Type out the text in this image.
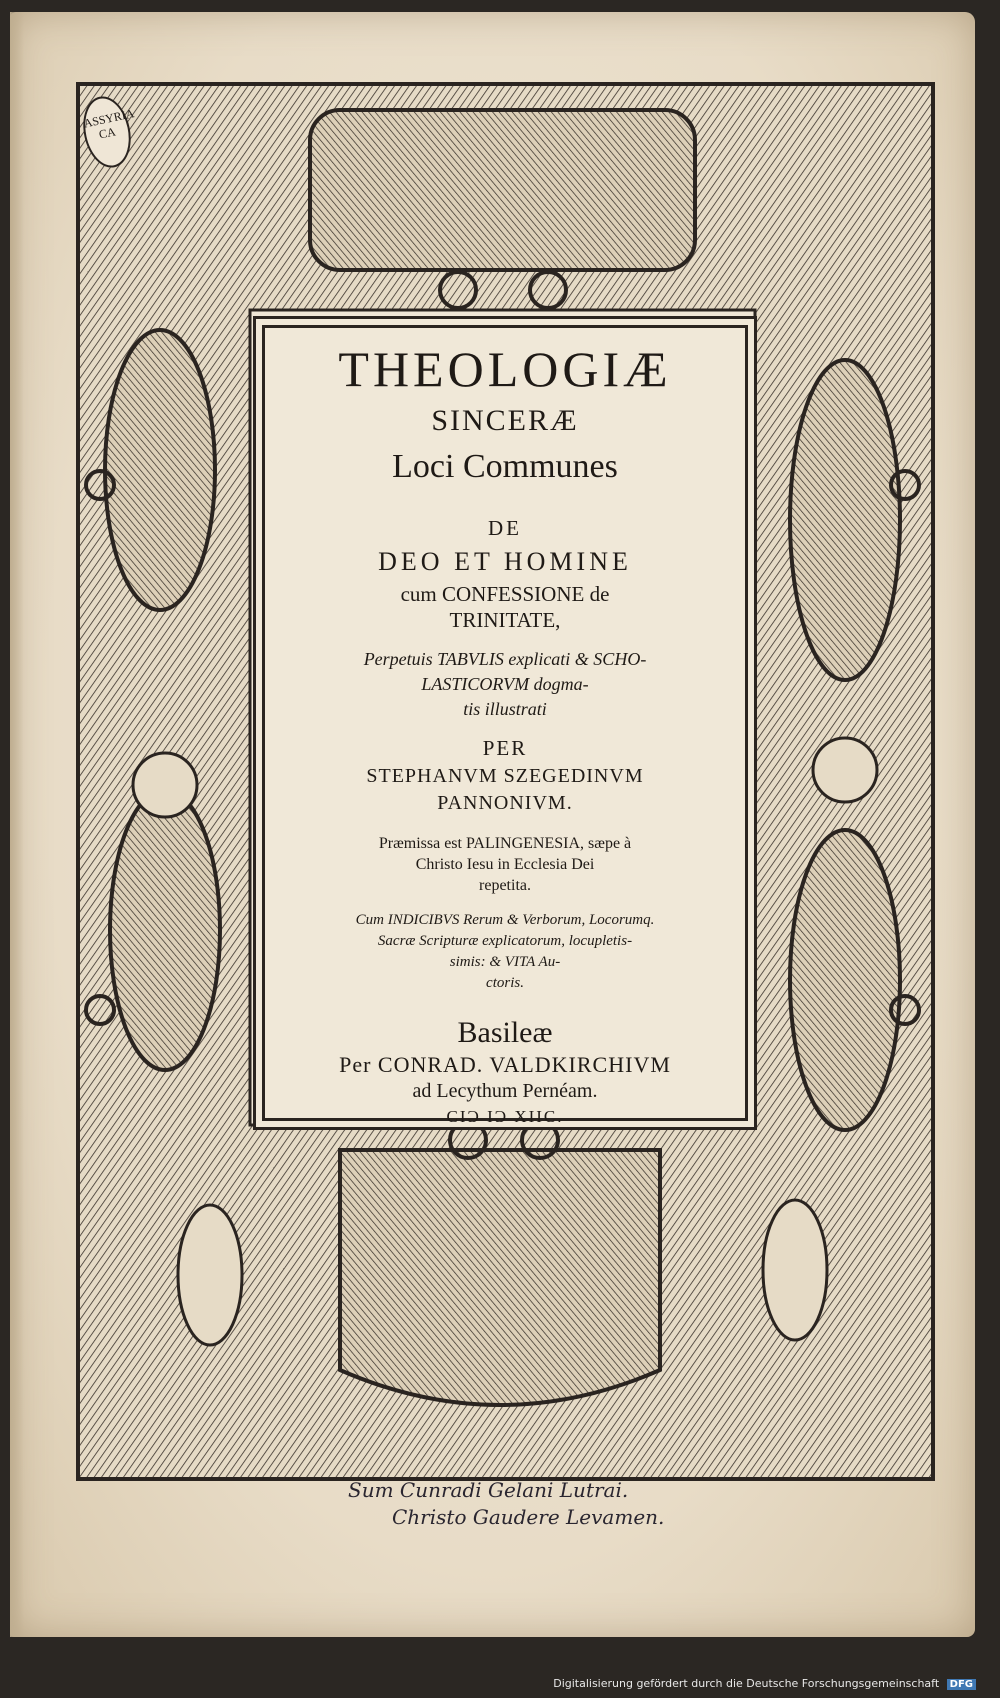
ASSYRIA CA
THEOLOGIÆ
SINCERÆ
Loci Communes
DE
DEO ET HOMINE
cum CONFESSIONE de
TRINITATE,
Perpetuis TABVLIS explicati & SCHO-
LASTICORVM dogma-
tis illustrati
PER
STEPHANVM SZEGEDINVM
PANNONIVM.
Præmissa est PALINGENESIA, sæpe à
Christo Iesu in Ecclesia Dei
repetita.
Cum INDICIBVS Rerum & Verborum, Locorumq.
Sacræ Scripturæ explicatorum, locupletis-
simis: & VITA Au-
ctoris.
Basileæ
Per CONRAD. VALDKIRCHIVM
ad Lecythum Pernéam.
CIƆ IƆ XIIC.
Sum Cunradi Gelani Lutrai.
Christo Gaudere Levamen.
Digitalisierung gefördert durch die Deutsche Forschungsgemeinschaft DFG
